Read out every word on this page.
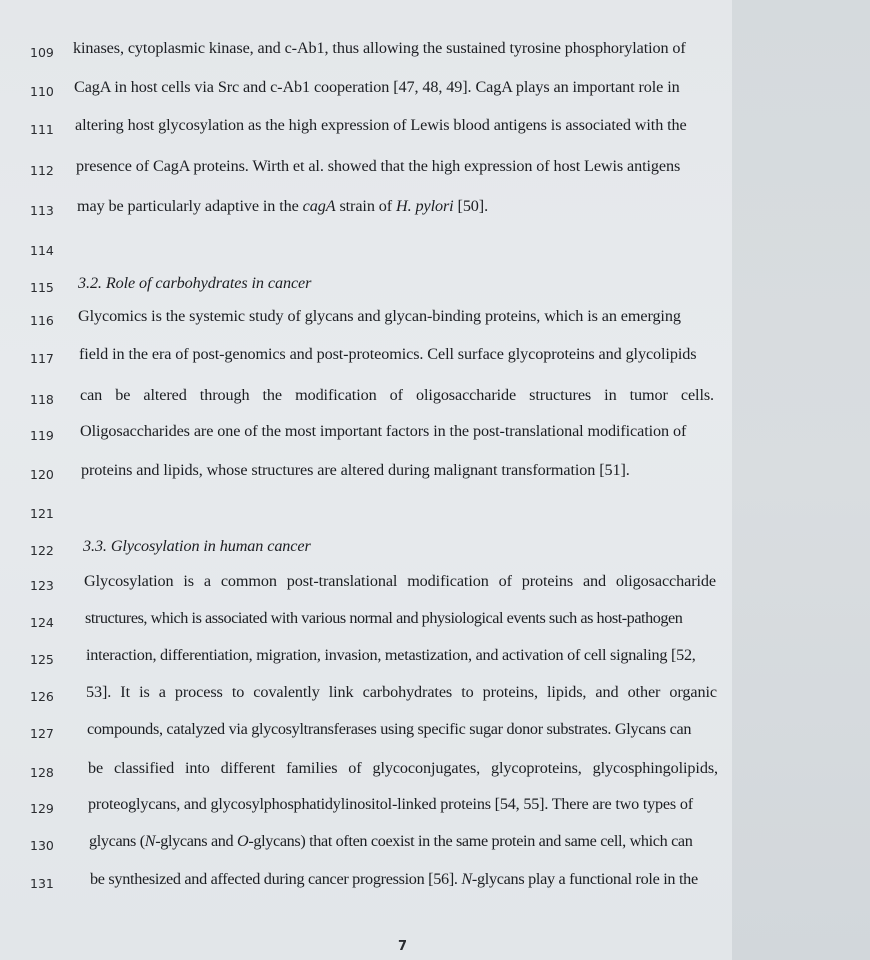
109	kinases, cytoplasmic kinase, and c-Ab1, thus allowing the sustained tyrosine phosphorylation of
110	CagA in host cells via Src and c-Ab1 cooperation [47, 48, 49]. CagA plays an important role in
111	altering host glycosylation as the high expression of Lewis blood antigens is associated with the
112	presence of CagA proteins. Wirth et al. showed that the high expression of host Lewis antigens
113	may be particularly adaptive in the cagA strain of H. pylori [50].
114
115	3.2. Role of carbohydrates in cancer
116	Glycomics is the systemic study of glycans and glycan-binding proteins, which is an emerging
117	field in the era of post-genomics and post-proteomics. Cell surface glycoproteins and glycolipids
118	can be altered through the modification of oligosaccharide structures in tumor cells.
119	Oligosaccharides are one of the most important factors in the post-translational modification of
120	proteins and lipids, whose structures are altered during malignant transformation [51].
121
122	3.3. Glycosylation in human cancer
123	Glycosylation is a common post-translational modification of proteins and oligosaccharide
124	structures, which is associated with various normal and physiological events such as host-pathogen
125	interaction, differentiation, migration, invasion, metastization, and activation of cell signaling [52,
126	53]. It is a process to covalently link carbohydrates to proteins, lipids, and other organic
127	compounds, catalyzed via glycosyltransferases using specific sugar donor substrates. Glycans can
128	be classified into different families of glycoconjugates, glycoproteins, glycosphingolipids,
129	proteoglycans, and glycosylphosphatidylinositol-linked proteins [54, 55]. There are two types of
130	glycans (N-glycans and O-glycans) that often coexist in the same protein and same cell, which can
131	be synthesized and affected during cancer progression [56]. N-glycans play a functional role in the
7
